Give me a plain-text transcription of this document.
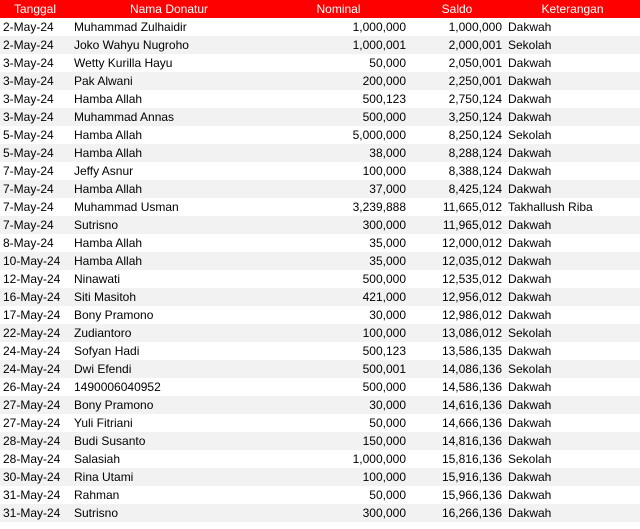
Tanggal	Nama Donatur	Nominal	Saldo	Keterangan
2-May-24	Muhammad Zulhaidir	1,000,000	1,000,000	Dakwah
2-May-24	Joko Wahyu Nugroho	1,000,001	2,000,001	Sekolah
3-May-24	Wetty Kurilla Hayu	50,000	2,050,001	Dakwah
3-May-24	Pak Alwani	200,000	2,250,001	Dakwah
3-May-24	Hamba Allah	500,123	2,750,124	Dakwah
3-May-24	Muhammad Annas	500,000	3,250,124	Dakwah
5-May-24	Hamba Allah	5,000,000	8,250,124	Sekolah
5-May-24	Hamba Allah	38,000	8,288,124	Dakwah
7-May-24	Jeffy Asnur	100,000	8,388,124	Dakwah
7-May-24	Hamba Allah	37,000	8,425,124	Dakwah
7-May-24	Muhammad Usman	3,239,888	11,665,012	Takhallush Riba
7-May-24	Sutrisno	300,000	11,965,012	Dakwah
8-May-24	Hamba Allah	35,000	12,000,012	Dakwah
10-May-24	Hamba Allah	35,000	12,035,012	Dakwah
12-May-24	Ninawati	500,000	12,535,012	Dakwah
16-May-24	Siti Masitoh	421,000	12,956,012	Dakwah
17-May-24	Bony Pramono	30,000	12,986,012	Dakwah
22-May-24	Zudiantoro	100,000	13,086,012	Sekolah
24-May-24	Sofyan Hadi	500,123	13,586,135	Dakwah
24-May-24	Dwi Efendi	500,001	14,086,136	Sekolah
26-May-24	1490006040952	500,000	14,586,136	Dakwah
27-May-24	Bony Pramono	30,000	14,616,136	Dakwah
27-May-24	Yuli Fitriani	50,000	14,666,136	Dakwah
28-May-24	Budi Susanto	150,000	14,816,136	Dakwah
28-May-24	Salasiah	1,000,000	15,816,136	Sekolah
30-May-24	Rina Utami	100,000	15,916,136	Dakwah
31-May-24	Rahman	50,000	15,966,136	Dakwah
31-May-24	Sutrisno	300,000	16,266,136	Dakwah
